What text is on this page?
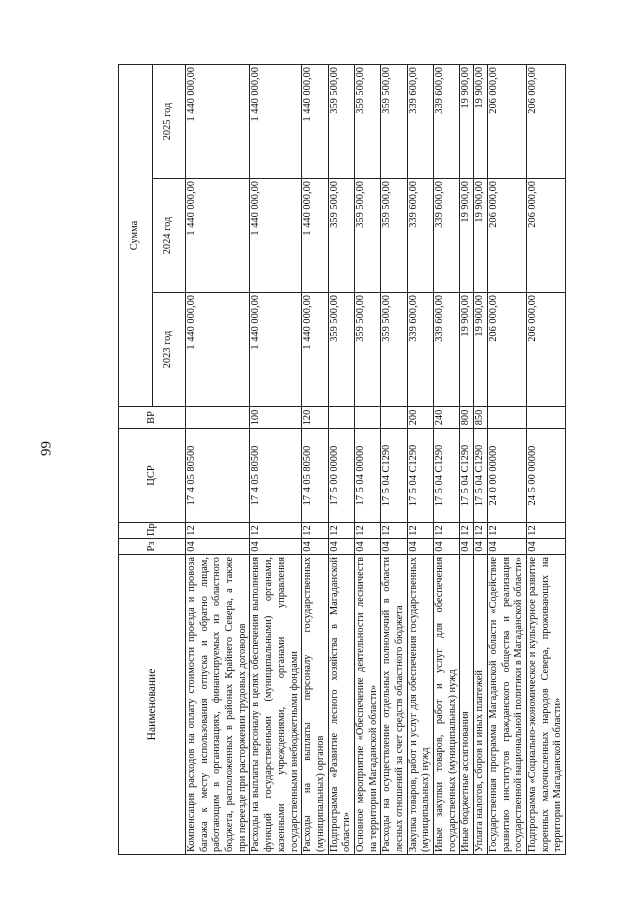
99
Наименование	Рз	Пр	ЦСР	ВР	Сумма		
					2023 год	2024 год	2025 год
Компенсация расходов на оплату стоимости проезда и провоза багажа к месту использования отпуска и обратно лицам, работающим в организациях, финансируемых из областного бюджета, расположенных в районах Крайнего Севера, а также при переезде при расторжении трудовых договоров	04	12	17 4 05 80500		1 440 000,00	1 440 000,00	1 440 000,00
Расходы на выплаты персоналу в целях обеспечения выполнения функций государственными (муниципальными) органами, казенными учреждениями, органами управления государственными внебюджетными фондами	04	12	17 4 05 80500	100	1 440 000,00	1 440 000,00	1 440 000,00
Расходы на выплаты персоналу государственных (муниципальных) органов	04	12	17 4 05 80500	120	1 440 000,00	1 440 000,00	1 440 000,00
Подпрограмма «Развитие лесного хозяйства в Магаданской области»	04	12	17 5 00 00000		359 500,00	359 500,00	359 500,00
Основное мероприятие «Обеспечение деятельности лесничеств на территории Магаданской области»	04	12	17 5 04 00000		359 500,00	359 500,00	359 500,00
Расходы на осуществление отдельных полномочий в области лесных отношений за счет средств областного бюджета	04	12	17 5 04 С1290		359 500,00	359 500,00	359 500,00
Закупка товаров, работ и услуг для обеспечения государственных (муниципальных) нужд	04	12	17 5 04 С1290	200	339 600,00	339 600,00	339 600,00
Иные закупки товаров, работ и услуг для обеспечения государственных (муниципальных) нужд	04	12	17 5 04 С1290	240	339 600,00	339 600,00	339 600,00
Иные бюджетные ассигнования	04	12	17 5 04 С1290	800	19 900,00	19 900,00	19 900,00
Уплата налогов, сборов и иных платежей	04	12	17 5 04 С1290	850	19 900,00	19 900,00	19 900,00
Государственная программа Магаданской области «Содействие развитию институтов гражданского общества и реализация государственной национальной политики в Магаданской области»	04	12	24 0 00 00000		206 000,00	206 000,00	206 000,00
Подпрограмма «Социально-экономическое и культурное развитие коренных малочисленных народов Севера, проживающих на территории Магаданской области»	04	12	24 5 00 00000		206 000,00	206 000,00	206 000,00
